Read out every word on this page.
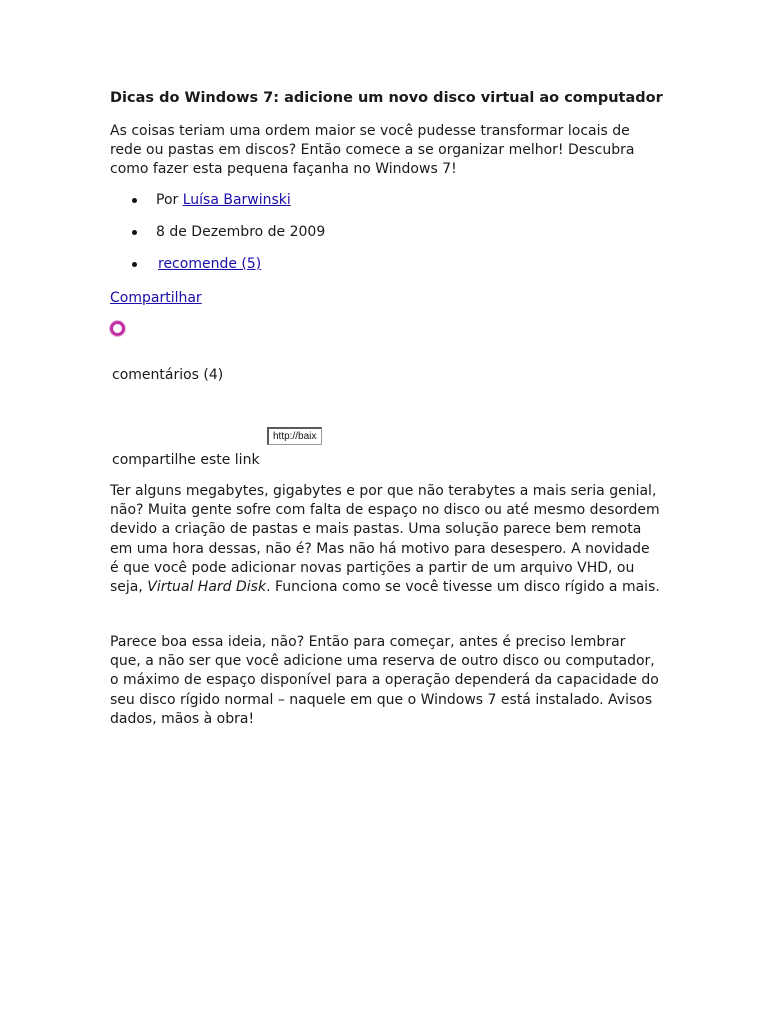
Dicas do Windows 7: adicione um novo disco virtual ao computador

As coisas teriam uma ordem maior se você pudesse transformar locais de rede ou pastas em discos? Então comece a se organizar melhor! Descubra como fazer esta pequena façanha no Windows 7!

Por Luísa Barwinski
8 de Dezembro de 2009
recomende (5)
Compartilhar
comentários (4)
compartilhe este link
http://baixaki.com.br

Ter alguns megabytes, gigabytes e por que não terabytes a mais seria genial, não? Muita gente sofre com falta de espaço no disco ou até mesmo desordem devido a criação de pastas e mais pastas. Uma solução parece bem remota em uma hora dessas, não é? Mas não há motivo para desespero. A novidade é que você pode adicionar novas partições a partir de um arquivo VHD, ou seja, Virtual Hard Disk. Funciona como se você tivesse um disco rígido a mais.

Parece boa essa ideia, não? Então para começar, antes é preciso lembrar que, a não ser que você adicione uma reserva de outro disco ou computador, o máximo de espaço disponível para a operação dependerá da capacidade do seu disco rígido normal – naquele em que o Windows 7 está instalado. Avisos dados, mãos à obra!
